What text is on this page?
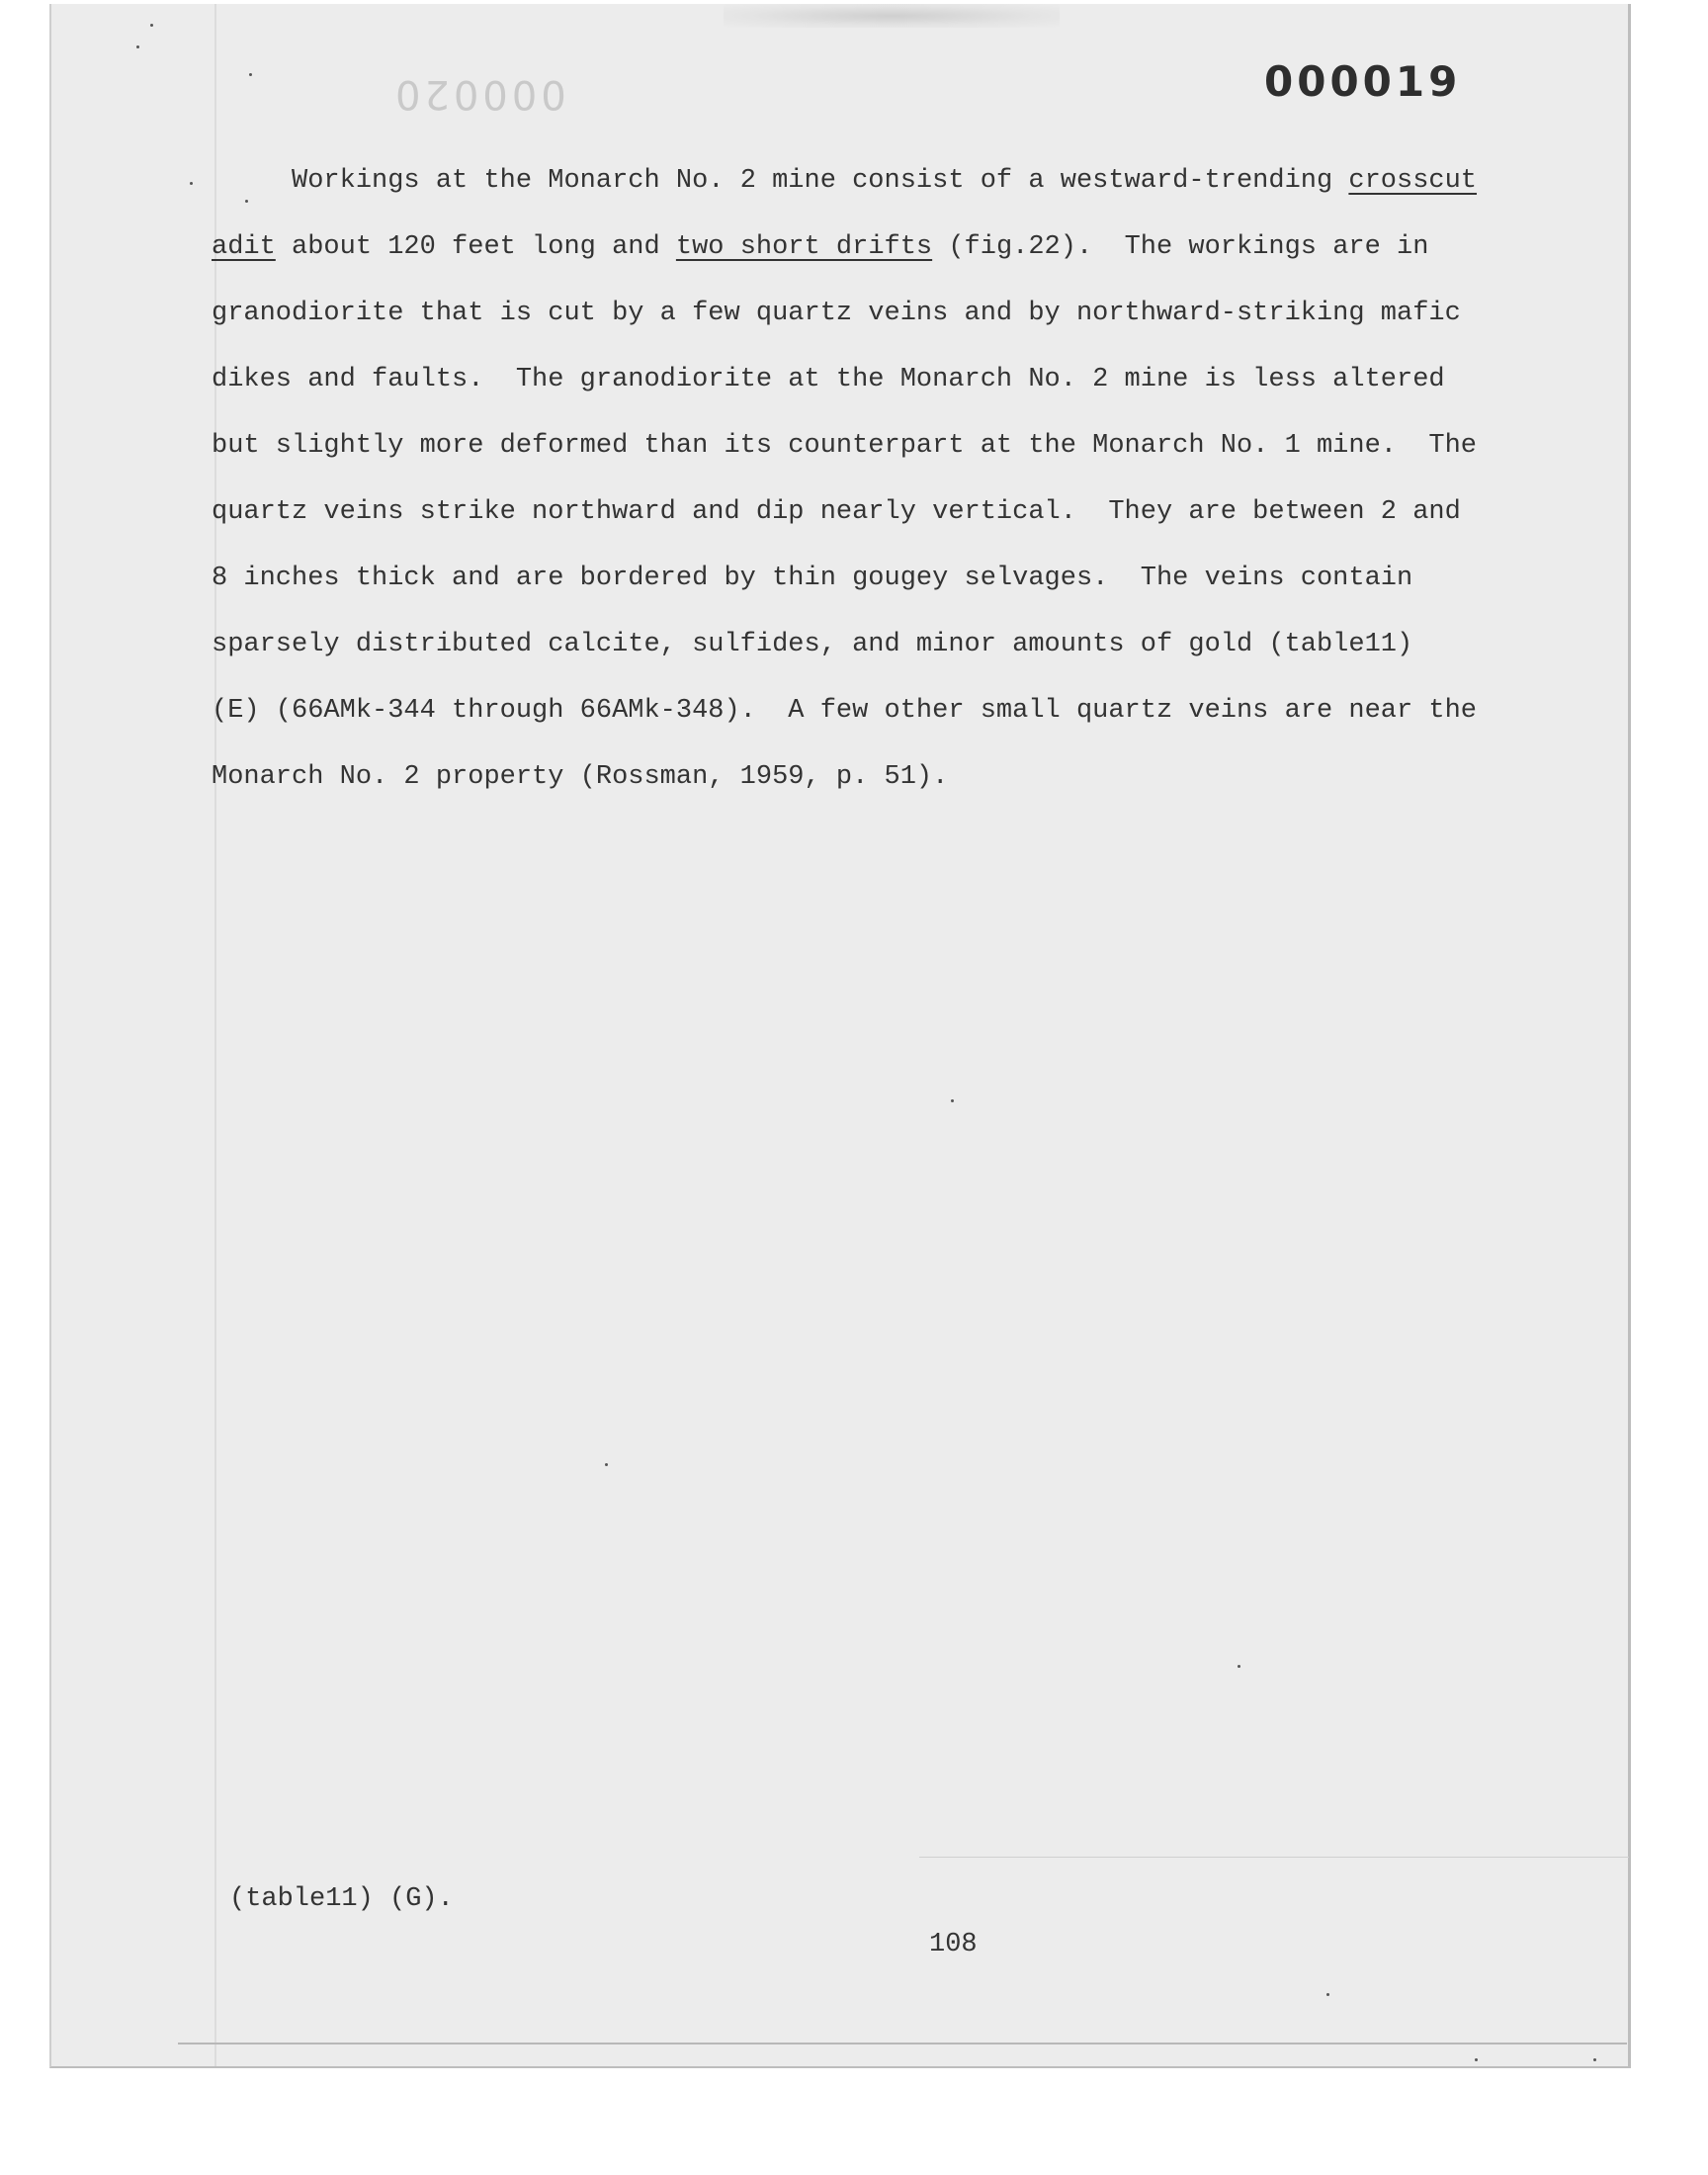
000020	000019
Workings at the Monarch No. 2 mine consist of a westward-trending crosscut
adit about 120 feet long and two short drifts (fig.22).  The workings are in
granodiorite that is cut by a few quartz veins and by northward-striking mafic
dikes and faults.  The granodiorite at the Monarch No. 2 mine is less altered
but slightly more deformed than its counterpart at the Monarch No. 1 mine.  The
quartz veins strike northward and dip nearly vertical.  They are between 2 and
8 inches thick and are bordered by thin gougey selvages.  The veins contain
sparsely distributed calcite, sulfides, and minor amounts of gold (table11)
(E) (66AMk-344 through 66AMk-348).  A few other small quartz veins are near the
Monarch No. 2 property (Rossman, 1959, p. 51).
(table11) (G).
108
